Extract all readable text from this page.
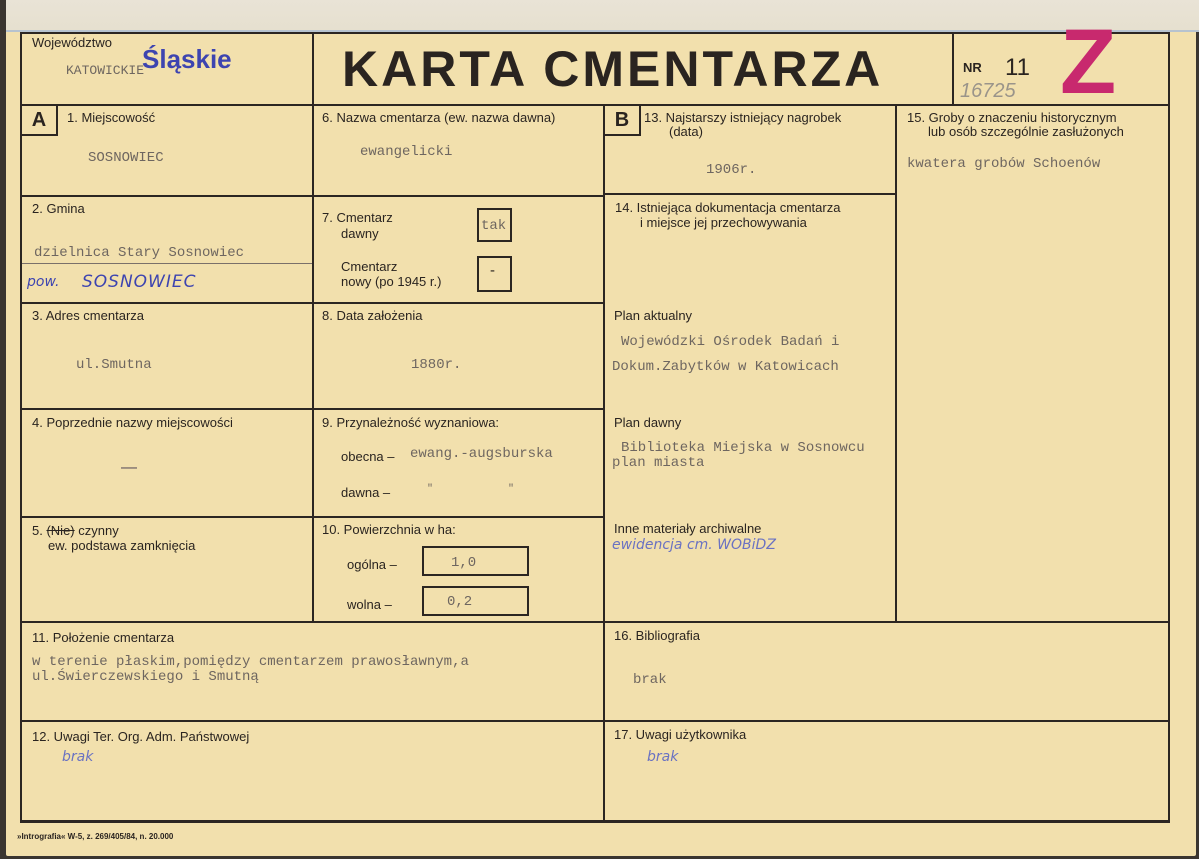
Województwo
KATOWICKIE
Śląskie KARTA CMENTARZA	NR 11
16725 Z
A	1. Miejscowość
SOSNOWIEC
6. Nazwa cmentarza (ew. nazwa dawna)
ewangelicki
B	13. Najstarszy istniejący nagrobek
(data)
1906r.
15. Groby o znaczeniu historycznym
lub osób szczególnie zasłużonych
kwatera grobów Schoenów
2. Gmina
dzielnica Stary Sosnowiec
pow. SOSNOWIEC
7. Cmentarz
dawny	tak
Cmentarz
nowy (po 1945 r.)
-
14. Istniejąca dokumentacja cmentarza
i miejsce jej przechowywania
Plan aktualny
Wojewódzki Ośrodek Badań i
Dokum.Zabytków w Katowicach
Plan dawny
Biblioteka Miejska w Sosnowcu
plan miasta
Inne materiały archiwalne
ewidencja cm. WOBiDZ
3. Adres cmentarza
ul.Smutna
8. Data założenia
1880r.
4. Poprzednie nazwy miejscowości
—
9. Przynależność wyznaniowa:
obecna – ewang.-augsburska
dawna –	"	"
5. (Nie) czynny
ew. podstawa zamknięcia
10. Powierzchnia w ha:
ogólna –	1,0
wolna –	0,2
11. Położenie cmentarza
w terenie płaskim,pomiędzy cmentarzem prawosławnym,a
ul.Świerczewskiego i Smutną
16. Bibliografia
brak
12. Uwagi Ter. Org. Adm. Państwowej
brak
17. Uwagi użytkownika
brak
»Intrografia« W-5, z. 269/405/84, n. 20.000
